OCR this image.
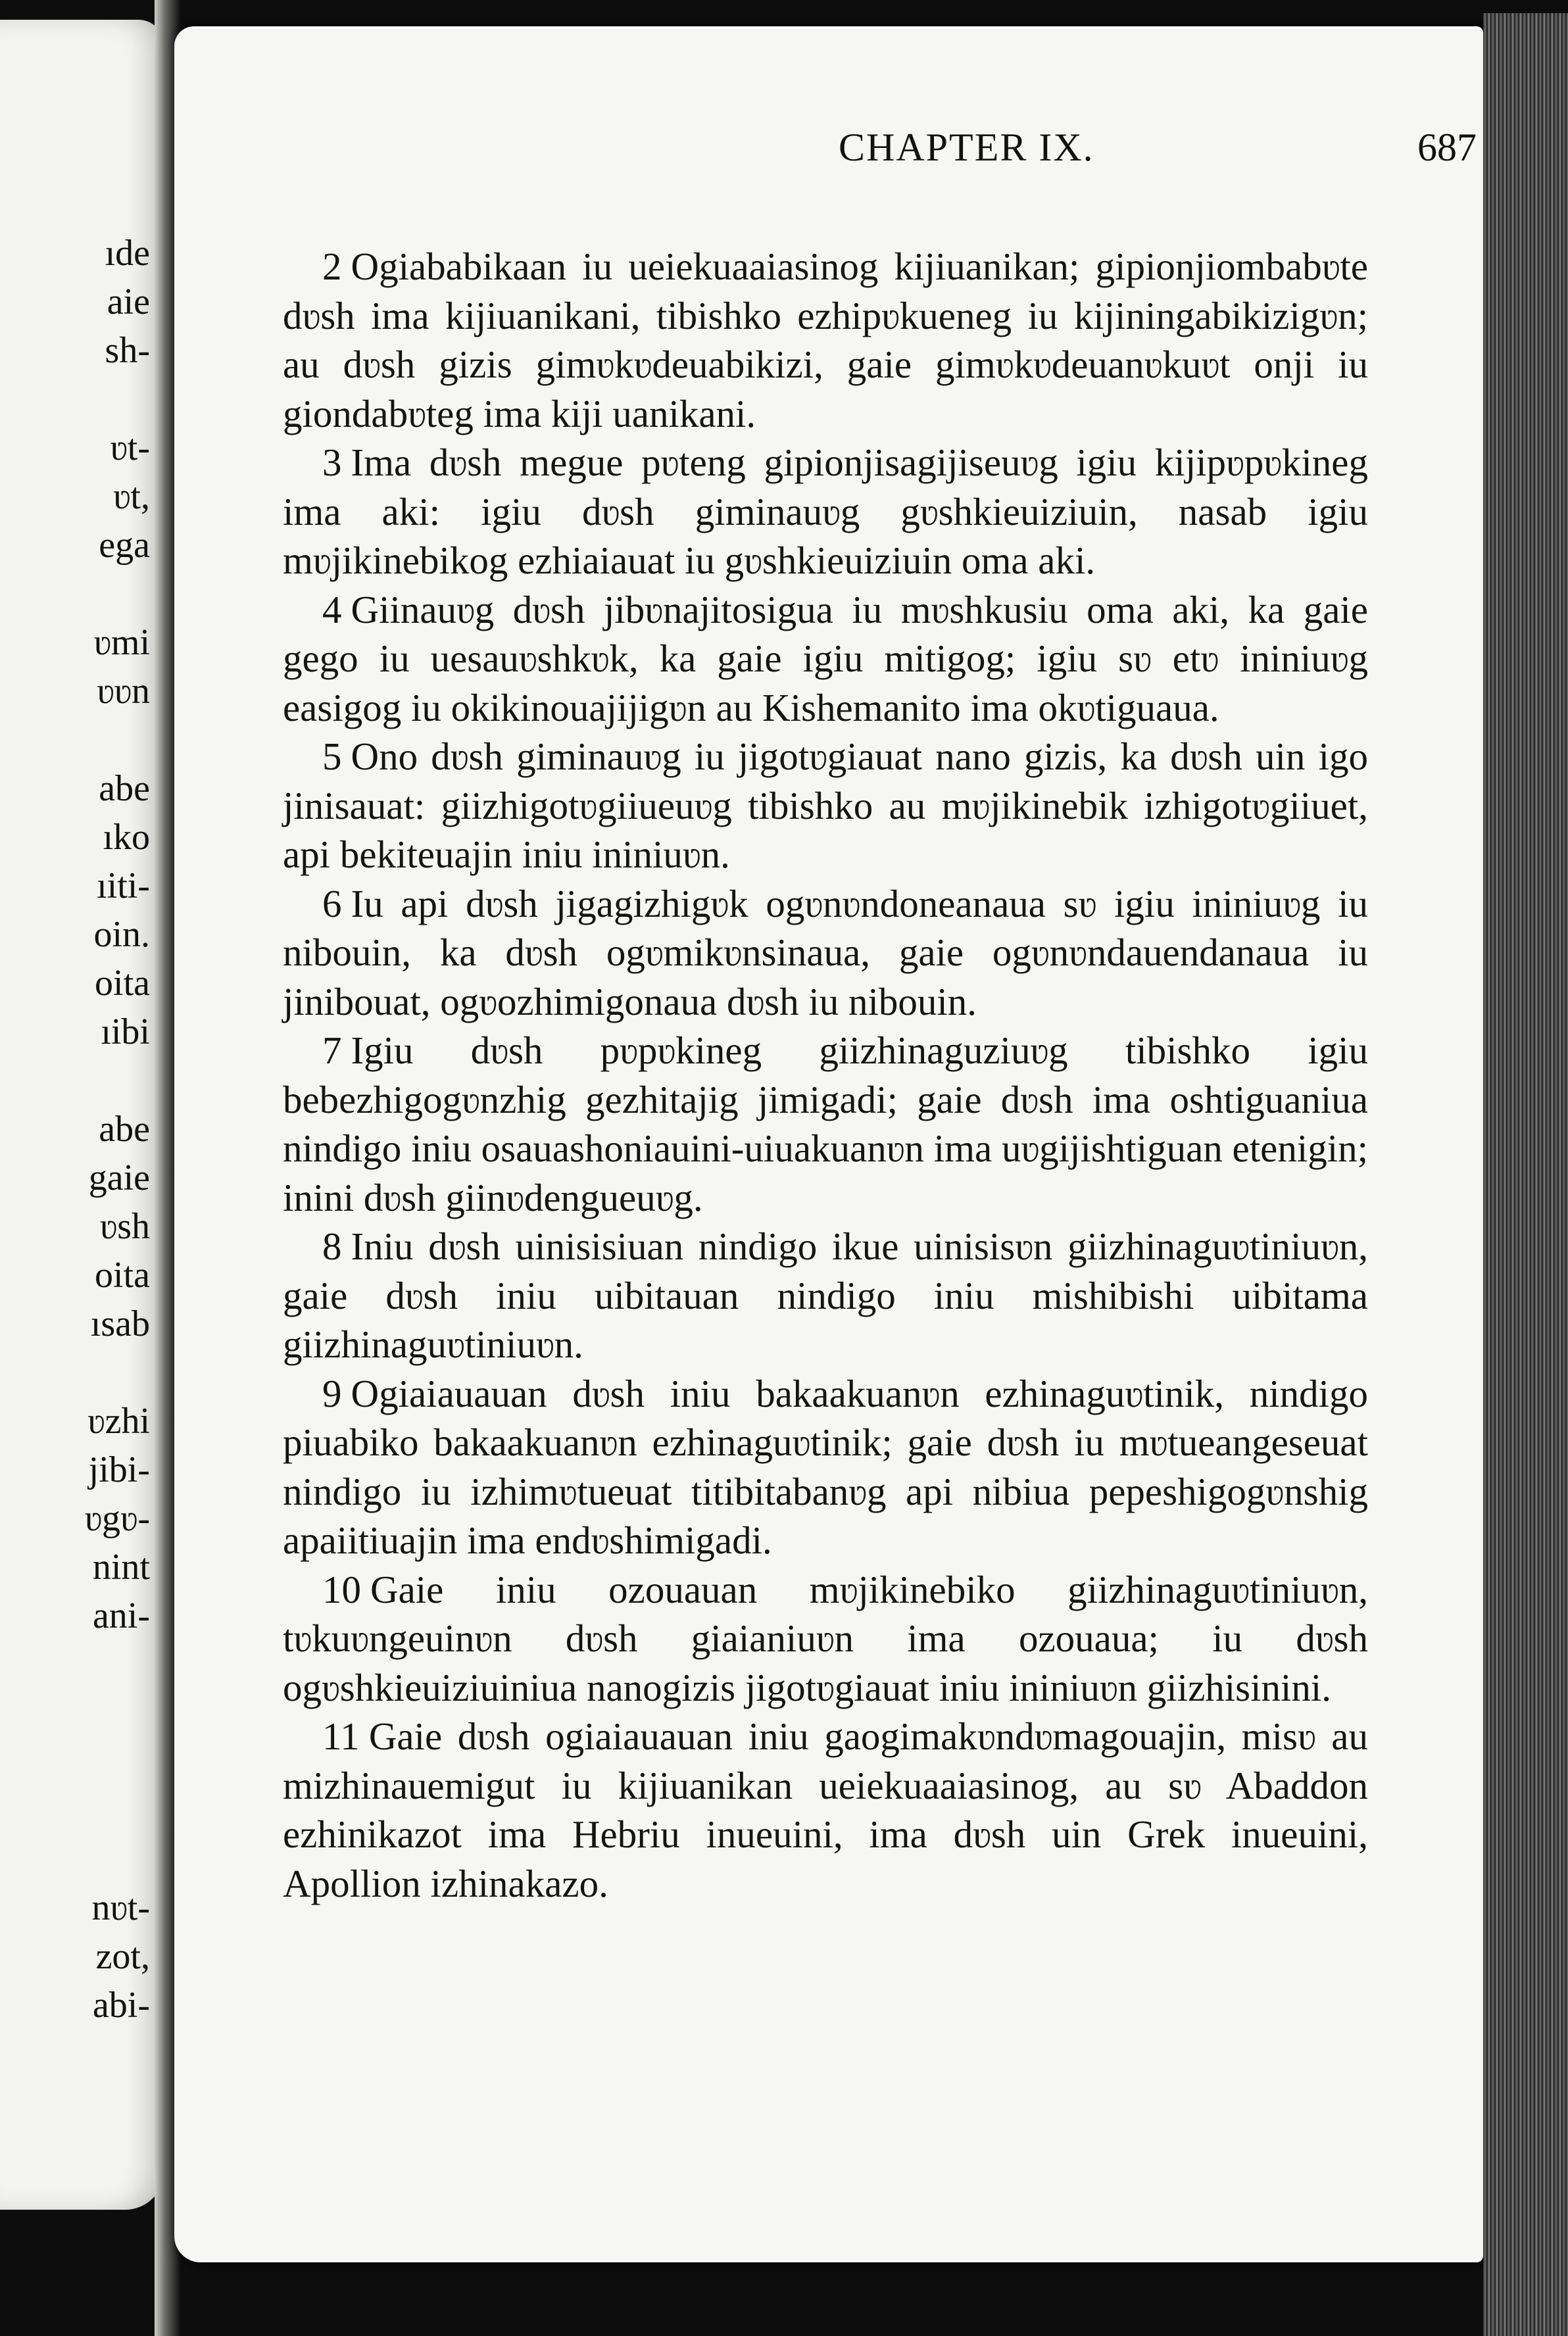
ıde
aie
sh-

ʋt-
ʋt,
ega

ʋmi
ʋʋn

abe
ıko
ıiti-
oin.
oita
ıibi

abe
gaie
ʋsh
oita
ısab

ʋzhi
jibi-
ʋgʋ-
nint
ani-

nʋt-
zot,
abi-
CHAPTER IX.	687

2 Ogiababikaan iu ueiekuaaiasinog kijiuanikan; gipionjiombabʋte dʋsh ima kijiuanikani, tibishko ezhipʋkueneg iu kijiningabikizigʋn; au dʋsh gizis gimʋkʋdeuabikizi, gaie gimʋkʋdeuanʋkuʋt onji iu giondabʋteg ima kiji uanikani.

3 Ima dʋsh megue pʋteng gipionjisagijiseuʋg igiu kijipʋpʋkineg ima aki: igiu dʋsh giminauʋg gʋshkieuiziuin, nasab igiu mʋjikinebikog ezhiaiauat iu gʋshkieuiziuin oma aki.

4 Giinauʋg dʋsh jibʋnajitosigua iu mʋshkusiu oma aki, ka gaie gego iu uesauʋshkʋk, ka gaie igiu mitigog; igiu sʋ etʋ ininiuʋg easigog iu okikinouajijigʋn au Kishemanito ima okʋtiguaua.

5 Ono dʋsh giminauʋg iu jigotʋgiauat nano gizis, ka dʋsh uin igo jinisauat: giizhigotʋgiiueuʋg tibishko au mʋjikinebik izhigotʋgiiuet, api bekiteuajin iniu ininiuʋn.

6 Iu api dʋsh jigagizhigʋk ogʋnʋndoneanaua sʋ igiu ininiuʋg iu nibouin, ka dʋsh ogʋmikʋnsinaua, gaie ogʋnʋndauendanaua iu jinibouat, ogʋozhimigonaua dʋsh iu nibouin.

7 Igiu dʋsh pʋpʋkineg giizhinaguziuʋg tibishko igiu bebezhigogʋnzhig gezhitajig jimigadi; gaie dʋsh ima oshtiguaniua nindigo iniu osauashoniauini-uiuakuanʋn ima uʋgijishtiguan etenigin; inini dʋsh giinʋdengueuʋg.

8 Iniu dʋsh uinisisiuan nindigo ikue uinisisʋn giizhinaguʋtiniuʋn, gaie dʋsh iniu uibitauan nindigo iniu mishibishi uibitama giizhinaguʋtiniuʋn.

9 Ogiaiauauan dʋsh iniu bakaakuanʋn ezhinaguʋtinik, nindigo piuabiko bakaakuanʋn ezhinaguʋtinik; gaie dʋsh iu mʋtueangeseuat nindigo iu izhimʋtueuat titibitabanʋg api nibiua pepeshigogʋnshig apaiitiuajin ima endʋshimigadi.

10 Gaie iniu ozouauan mʋjikinebiko giizhinaguʋtiniuʋn, tʋkuʋngeuinʋn dʋsh giaianiuʋn ima ozouaua; iu dʋsh ogʋshkieuiziuiniua nanogizis jigotʋgiauat iniu ininiuʋn giizhisinini.

11 Gaie dʋsh ogiaiauauan iniu gaogimakʋndʋmagouajin, misʋ au mizhinauemigut iu kijiuanikan ueiekuaaiasinog, au sʋ Abaddon ezhinikazot ima Hebriu inueuini, ima dʋsh uin Grek inueuini, Apollion izhinakazo.
